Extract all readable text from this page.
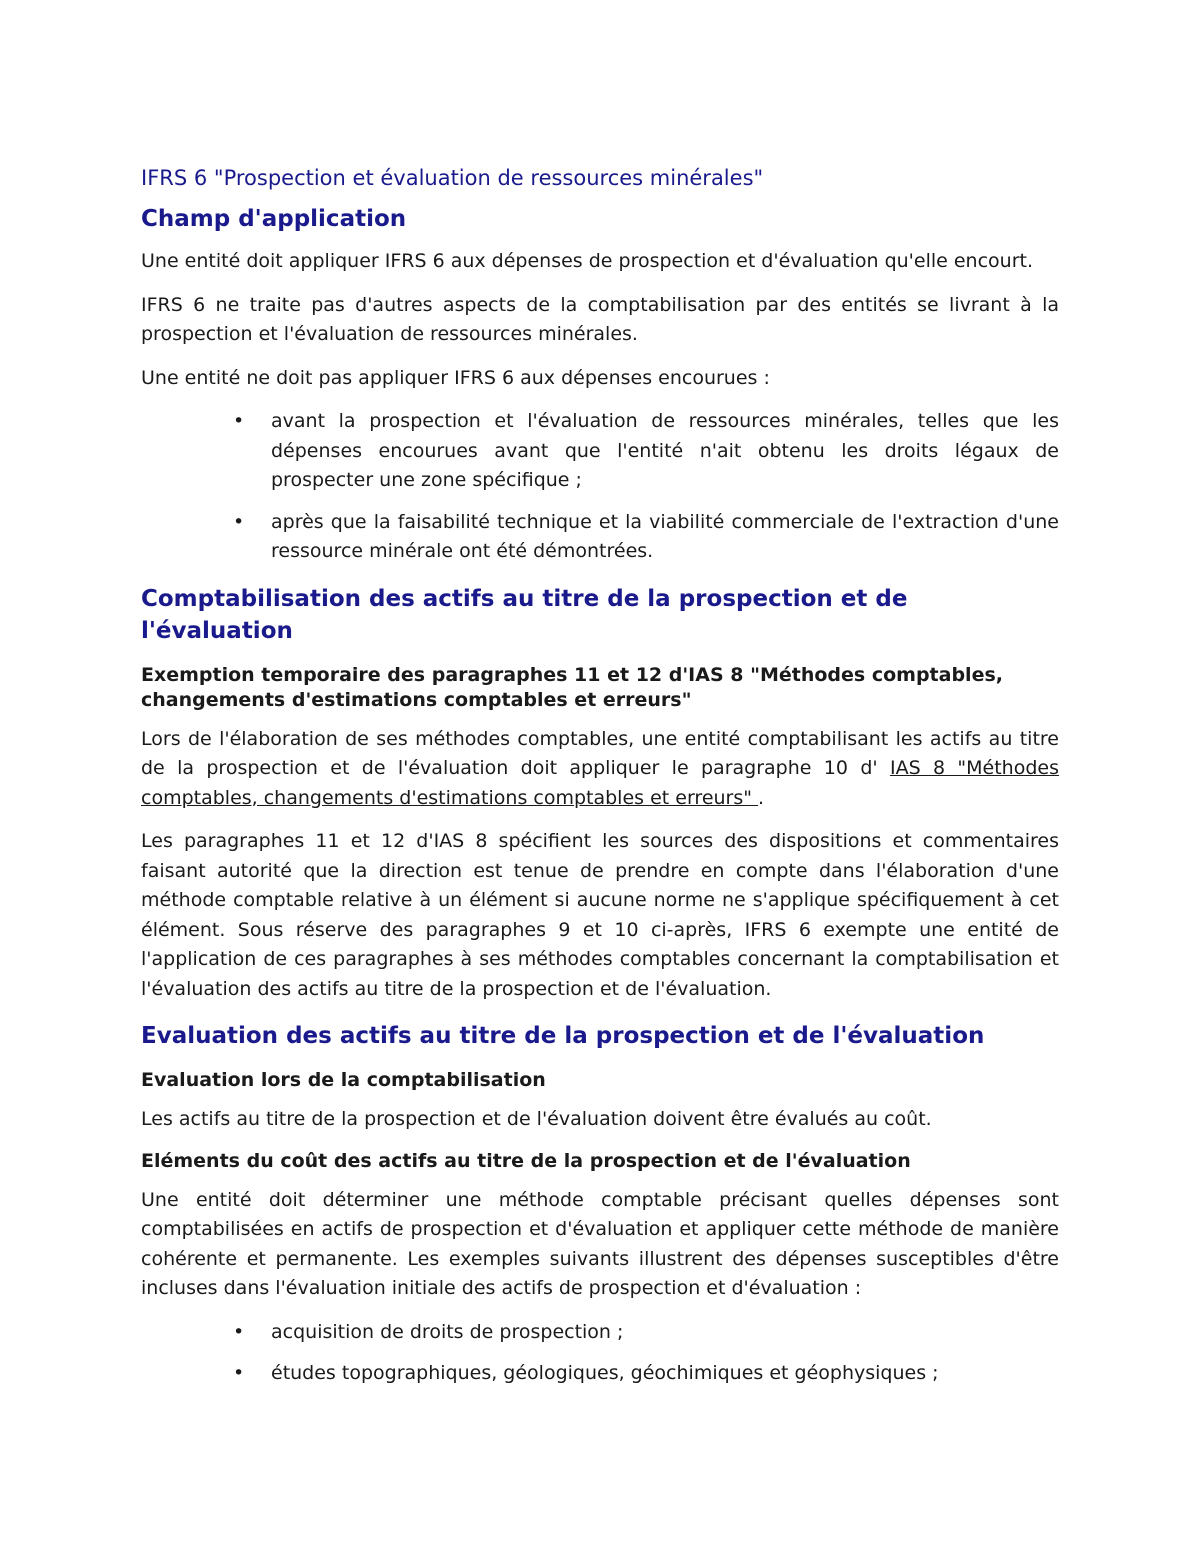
IFRS 6 "Prospection et évaluation de ressources minérales"

Champ d'application

Une entité doit appliquer IFRS 6 aux dépenses de prospection et d'évaluation qu'elle encourt.

IFRS 6 ne traite pas d'autres aspects de la comptabilisation par des entités se livrant à la prospection et l'évaluation de ressources minérales.

Une entité ne doit pas appliquer IFRS 6 aux dépenses encourues :

• avant la prospection et l'évaluation de ressources minérales, telles que les dépenses encourues avant que l'entité n'ait obtenu les droits légaux de prospecter une zone spécifique ;
• après que la faisabilité technique et la viabilité commerciale de l'extraction d'une ressource minérale ont été démontrées.
Comptabilisation des actifs au titre de la prospection et de l'évaluation
Exemption temporaire des paragraphes 11 et 12 d'IAS 8 "Méthodes comptables, changements d'estimations comptables et erreurs"

Lors de l'élaboration de ses méthodes comptables, une entité comptabilisant les actifs au titre de la prospection et de l'évaluation doit appliquer le paragraphe 10 d' IAS 8 "Méthodes comptables, changements d'estimations comptables et erreurs" .

Les paragraphes 11 et 12 d'IAS 8 spécifient les sources des dispositions et commentaires faisant autorité que la direction est tenue de prendre en compte dans l'élaboration d'une méthode comptable relative à un élément si aucune norme ne s'applique spécifiquement à cet élément. Sous réserve des paragraphes 9 et 10 ci-après, IFRS 6 exempte une entité de l'application de ces paragraphes à ses méthodes comptables concernant la comptabilisation et l'évaluation des actifs au titre de la prospection et de l'évaluation.

Evaluation des actifs au titre de la prospection et de l'évaluation
Evaluation lors de la comptabilisation

Les actifs au titre de la prospection et de l'évaluation doivent être évalués au coût.

Eléments du coût des actifs au titre de la prospection et de l'évaluation

Une entité doit déterminer une méthode comptable précisant quelles dépenses sont comptabilisées en actifs de prospection et d'évaluation et appliquer cette méthode de manière cohérente et permanente. Les exemples suivants illustrent des dépenses susceptibles d'être incluses dans l'évaluation initiale des actifs de prospection et d'évaluation :

• acquisition de droits de prospection ;
• études topographiques, géologiques, géochimiques et géophysiques ;
